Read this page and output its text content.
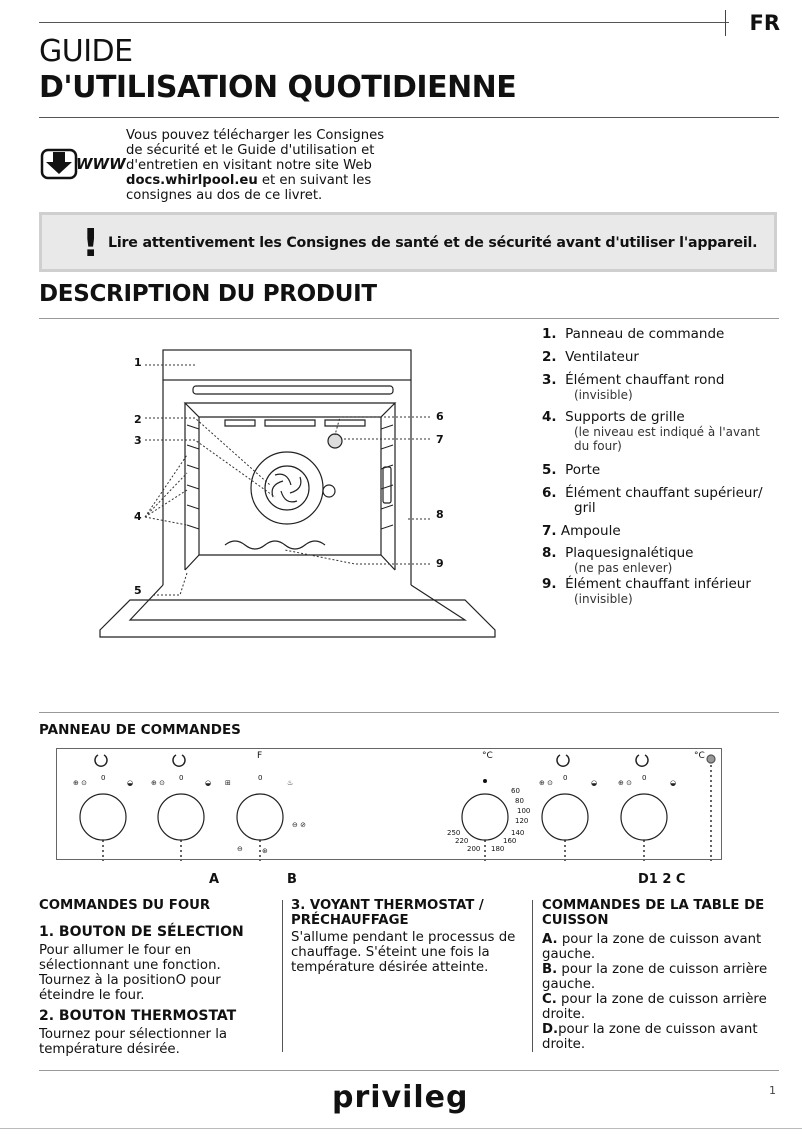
FR
GUIDE
D'UTILISATION QUOTIDIENNE
WWW
Vous pouvez télécharger les Consignes
de sécurité et le Guide d'utilisation et
d'entretien en visitant notre site Web
docs.whirlpool.eu et en suivant les
consignes au dos de ce livret.
! Lire attentivement les Consignes de santé et de sécurité avant d'utiliser l'appareil.
DESCRIPTION DU PRODUIT
1
2
3
4
5
6
7
8
9
1. Panneau de commande
2. Ventilateur
3. Élément chauffant rond
(invisible)
4. Supports de grille
(le niveau est indiqué à l'avant du four)
5. Porte
6. Élément chauffant supérieur/
gril
7. Ampoule
8. Plaquesignalétique
(ne pas enlever)
9. Élément chauffant inférieur
(invisible)
PANNEAU DE COMMANDES
⊕ ⊙	◒	⊕ ⊙	◒ ⊞	♨	⊕ ⊙	◒	⊕ ⊙	◒
⊖ ⊘
⊖	⊛
F	°C	°C
0	0	0	0	0
60
80
100
120
140
160
180
200
220
250
A	B	D1 2 C
COMMANDES DU FOUR
1. BOUTON DE SÉLECTION
Pour allumer le four en sélectionnant une fonction. Tournez à la positionO pour éteindre le four.
2. BOUTON THERMOSTAT
Tournez pour sélectionner la température désirée.
3. VOYANT THERMOSTAT / PRÉCHAUFFAGE
S'allume pendant le processus de chauffage. S'éteint une fois la température désirée atteinte.
COMMANDES DE LA TABLE DE CUISSON
A. pour la zone de cuisson avant gauche.
B. pour la zone de cuisson arrière gauche.
C. pour la zone de cuisson arrière droite.
D.pour la zone de cuisson avant droite.
privileg	1
